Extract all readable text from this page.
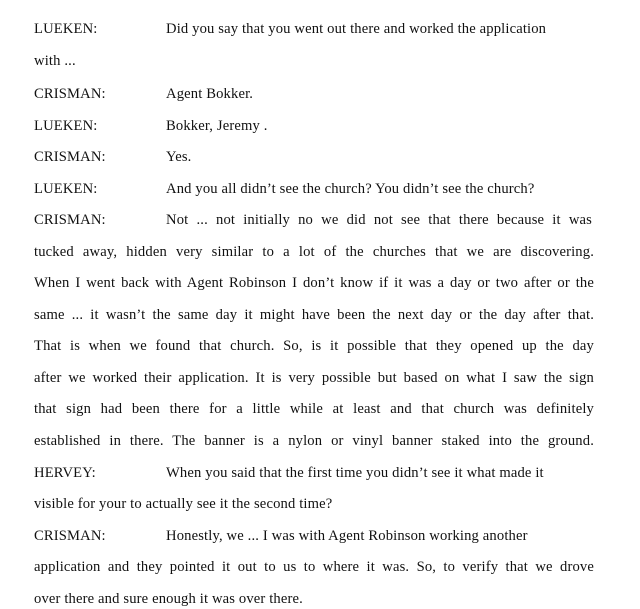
LUEKEN:	Did you say that you went out there and worked the application
with ...
CRISMAN:	Agent Bokker.
LUEKEN:	Bokker, Jeremy .
CRISMAN:	Yes.
LUEKEN:	And you all didn’t see the church? You didn’t see the church?
CRISMAN:	Not ... not initially no we did not see that there because it was
tucked away, hidden very similar to a lot of the churches that we are discovering.
When I went back with Agent Robinson I don’t know if it was a day or two after or the
same ... it wasn’t the same day it might have been the next day or the day after that.
That is when we found that church. So, is it possible that they opened up the day
after we worked their application. It is very possible but based on what I saw the sign
that sign had been there for a little while at least and that church was definitely
established in there. The banner is a nylon or vinyl banner staked into the ground.
HERVEY:	When you said that the first time you didn’t see it what made it
visible for your to actually see it the second time?
CRISMAN:	Honestly, we ... I was with Agent Robinson working another
application and they pointed it out to us to where it was. So, to verify that we drove
over there and sure enough it was over there.
